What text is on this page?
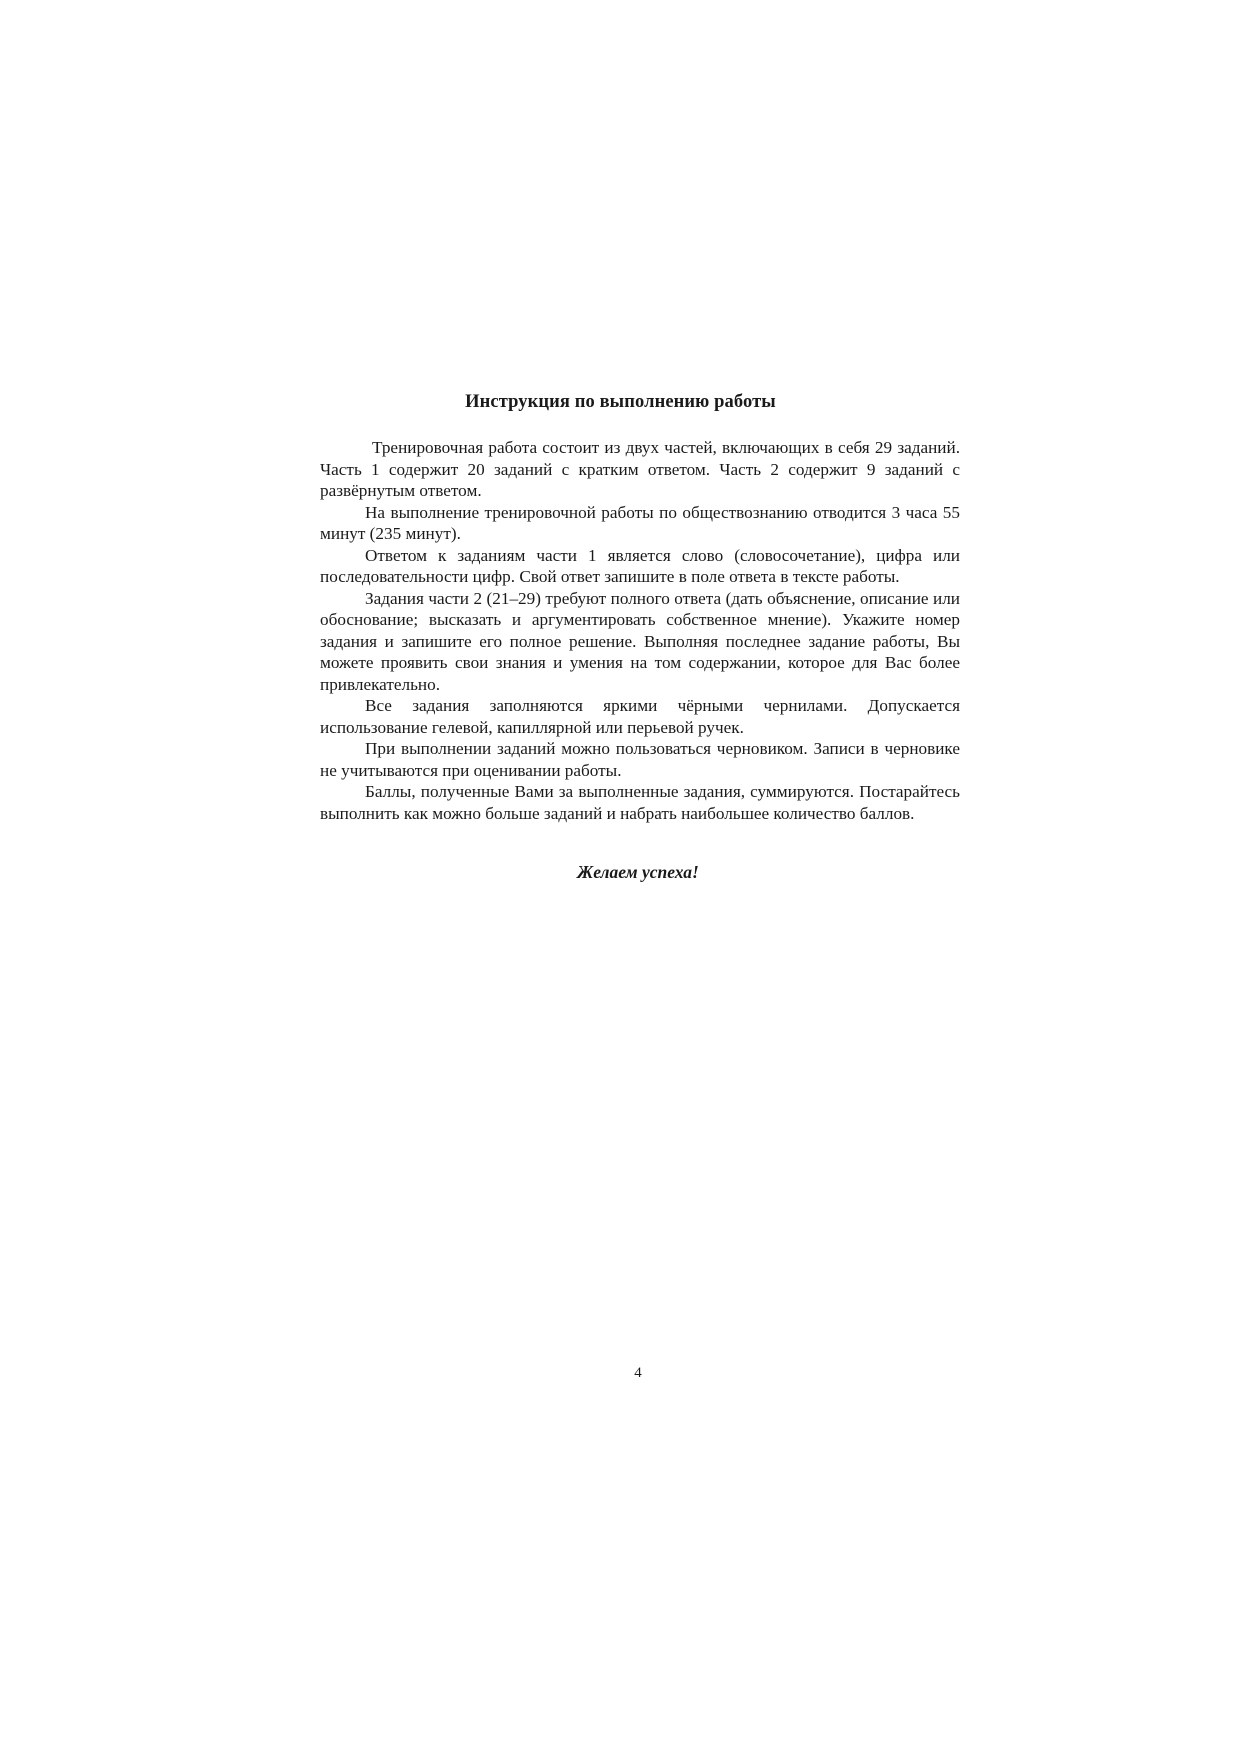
Инструкция по выполнению работы

Тренировочная работа состоит из двух частей, включающих в себя 29 заданий. Часть 1 содержит 20 заданий с кратким ответом. Часть 2 содержит 9 заданий с развёрнутым ответом.

На выполнение тренировочной работы по обществознанию отводится 3 часа 55 минут (235 минут).

Ответом к заданиям части 1 является слово (словосочетание), цифра или последовательности цифр. Свой ответ запишите в поле ответа в тексте работы.

Задания части 2 (21–29) требуют полного ответа (дать объяснение, описание или обоснование; высказать и аргументировать собственное мнение). Укажите номер задания и запишите его полное решение. Выполняя последнее задание работы, Вы можете проявить свои знания и умения на том содержании, которое для Вас более привлекательно.

Все задания заполняются яркими чёрными чернилами. Допускается использование гелевой, капиллярной или перьевой ручек.

При выполнении заданий можно пользоваться черновиком. Записи в черновике не учитываются при оценивании работы.

Баллы, полученные Вами за выполненные задания, суммируются. Постарайтесь выполнить как можно больше заданий и набрать наибольшее количество баллов.

Желаем успеха!
4
